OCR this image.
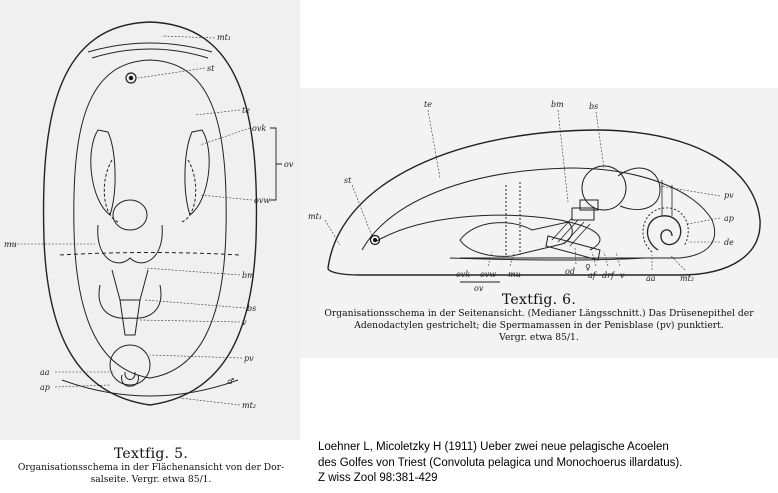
mt₁
st
te
ovk
ov
ovw
mu
bm
bs
v
pv
aa
♂
ap
mt₂
te	bm	bs
st
mt₁
pv
ap
de
ovk ovw
ov
mu	od ♀
af drf v	aa	mt₂
Textfig. 5.
Organisationsschema in der Flächenansicht von der Dor-
salseite. Vergr. etwa 85/1.
Textfig. 6.
Organisationsschema in der Seitenansicht. (Medianer Längsschnitt.) Das Drüsenepithel der
Adenodactylen gestrichelt; die Spermamassen in der Penisblase (pv) punktiert.
Vergr. etwa 85/1.
Loehner L, Micoletzky H (1911) Ueber zwei neue pelagische Acoelen
des Golfes von Triest (Convoluta pelagica und Monochoerus illardatus).
Z wiss Zool 98:381-429
